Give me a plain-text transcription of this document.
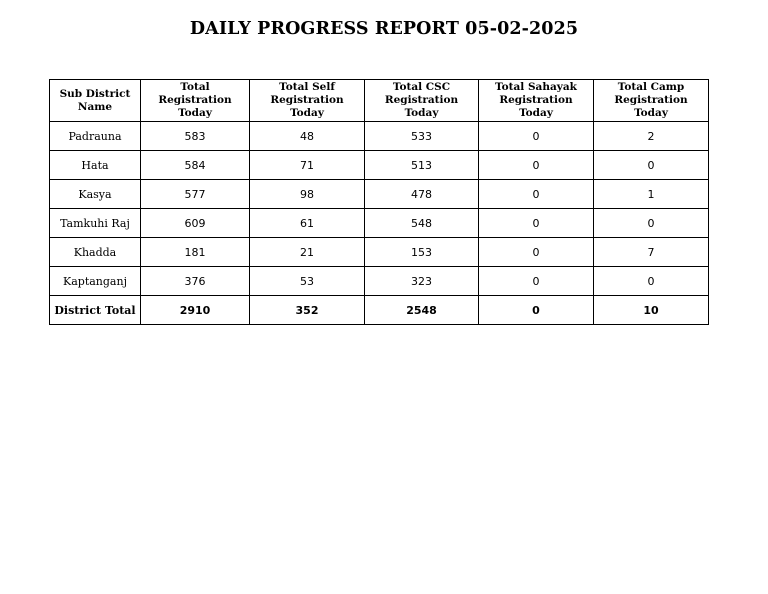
DAILY PROGRESS REPORT 05-02-2025
Sub District Name	Total Registration Today	Total Self Registration Today	Total CSC Registration Today	Total Sahayak Registration Today	Total Camp Registration Today
Padrauna	583	48	533	0	2
Hata	584	71	513	0	0
Kasya	577	98	478	0	1
Tamkuhi Raj	609	61	548	0	0
Khadda	181	21	153	0	7
Kaptanganj	376	53	323	0	0
District Total	2910	352	2548	0	10
